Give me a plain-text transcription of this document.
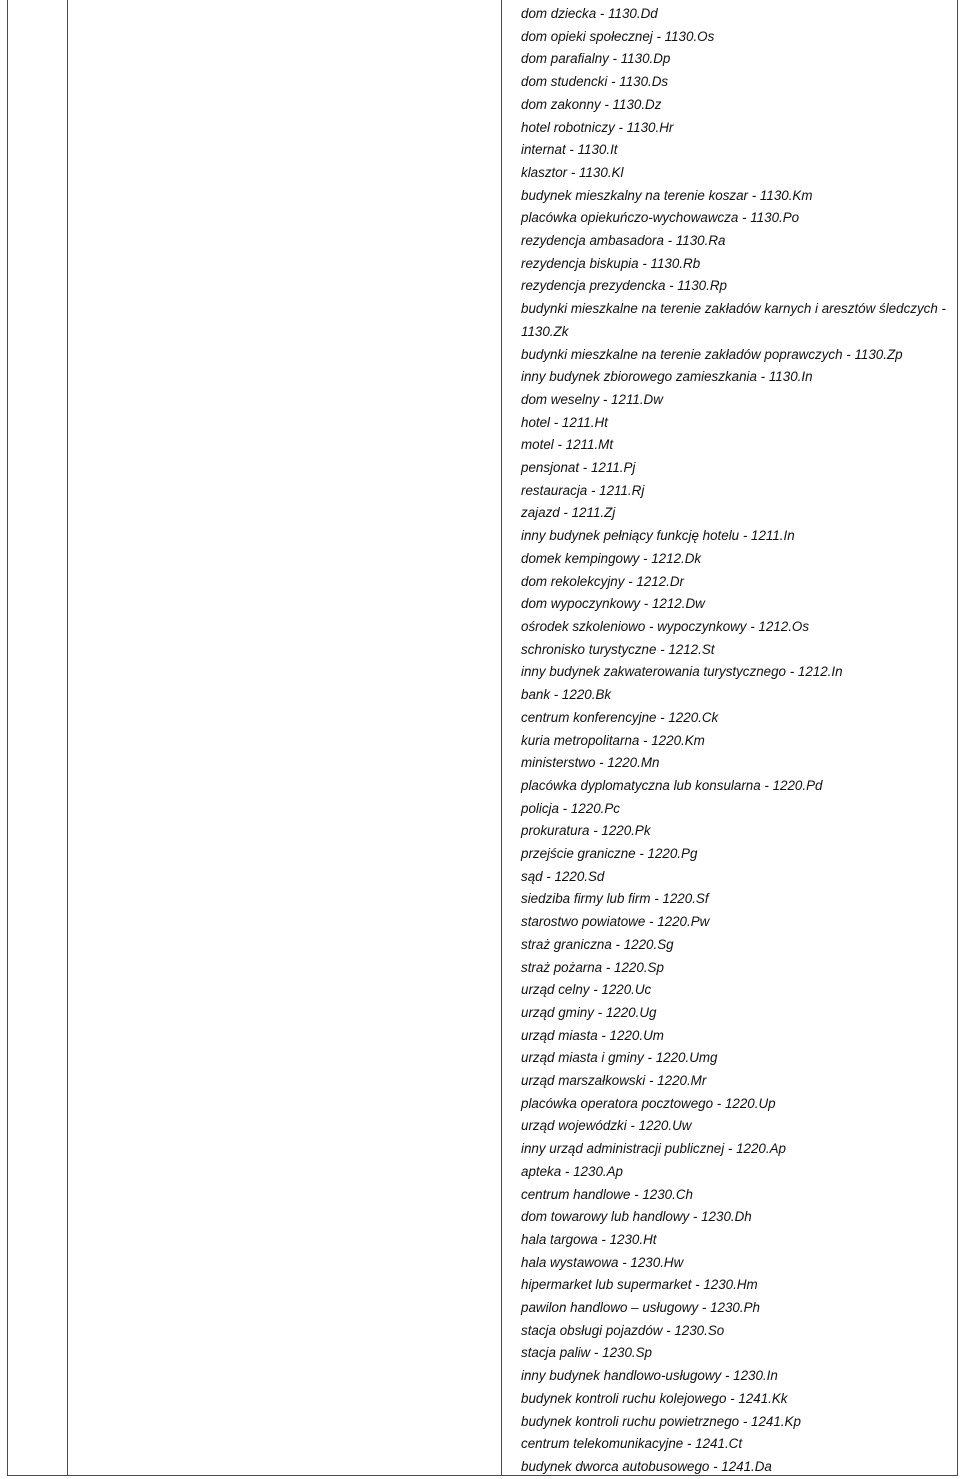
dom dziecka - 1130.Dd
dom opieki społecznej - 1130.Os
dom parafialny - 1130.Dp
dom studencki - 1130.Ds
dom zakonny - 1130.Dz
hotel robotniczy - 1130.Hr
internat - 1130.It
klasztor - 1130.Kl
budynek mieszkalny na terenie koszar - 1130.Km
placówka opiekuńczo-wychowawcza - 1130.Po
rezydencja ambasadora - 1130.Ra
rezydencja biskupia - 1130.Rb
rezydencja prezydencka - 1130.Rp
budynki mieszkalne na terenie zakładów karnych i aresztów śledczych - 1130.Zk
budynki mieszkalne na terenie zakładów poprawczych - 1130.Zp
inny budynek zbiorowego zamieszkania - 1130.In
dom weselny - 1211.Dw
hotel - 1211.Ht
motel - 1211.Mt
pensjonat - 1211.Pj
restauracja - 1211.Rj
zajazd - 1211.Zj
inny budynek pełniący funkcję hotelu - 1211.In
domek kempingowy - 1212.Dk
dom rekolekcyjny - 1212.Dr
dom wypoczynkowy - 1212.Dw
ośrodek szkoleniowo - wypoczynkowy - 1212.Os
schronisko turystyczne - 1212.St
inny budynek zakwaterowania turystycznego - 1212.In
bank - 1220.Bk
centrum konferencyjne - 1220.Ck
kuria metropolitarna - 1220.Km
ministerstwo - 1220.Mn
placówka dyplomatyczna lub konsularna - 1220.Pd
policja - 1220.Pc
prokuratura - 1220.Pk
przejście graniczne - 1220.Pg
sąd - 1220.Sd
siedziba firmy lub firm - 1220.Sf
starostwo powiatowe - 1220.Pw
straż graniczna - 1220.Sg
straż pożarna - 1220.Sp
urząd celny - 1220.Uc
urząd gminy - 1220.Ug
urząd miasta - 1220.Um
urząd miasta i gminy - 1220.Umg
urząd marszałkowski - 1220.Mr
placówka operatora pocztowego - 1220.Up
urząd wojewódzki - 1220.Uw
inny urząd administracji publicznej - 1220.Ap
apteka - 1230.Ap
centrum handlowe - 1230.Ch
dom towarowy lub handlowy - 1230.Dh
hala targowa - 1230.Ht
hala wystawowa - 1230.Hw
hipermarket lub supermarket - 1230.Hm
pawilon handlowo – usługowy - 1230.Ph
stacja obsługi pojazdów - 1230.So
stacja paliw - 1230.Sp
inny budynek handlowo-usługowy - 1230.In
budynek kontroli ruchu kolejowego - 1241.Kk
budynek kontroli ruchu powietrznego - 1241.Kp
centrum telekomunikacyjne - 1241.Ct
budynek dworca autobusowego - 1241.Da
